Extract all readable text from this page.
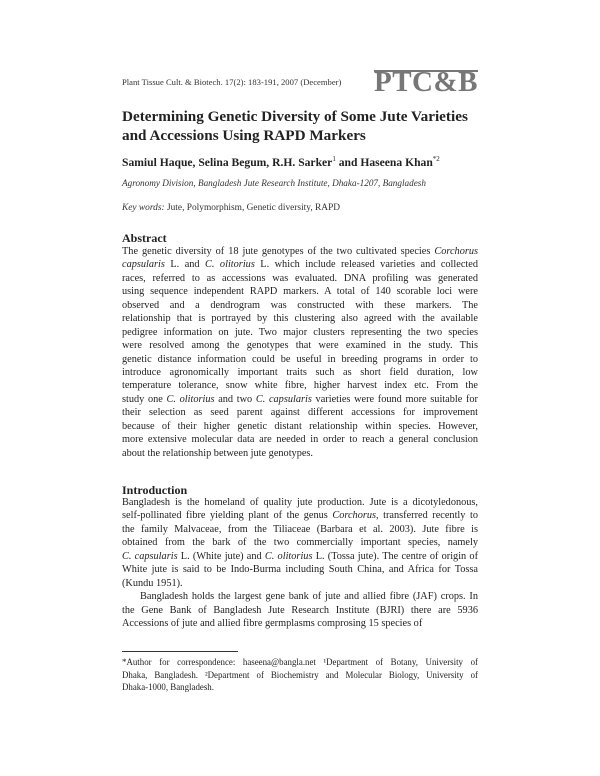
Plant Tissue Cult. & Biotech. 17(2): 183-191, 2007 (December)	PTC&B
Determining Genetic Diversity of Some Jute Varieties
and Accessions Using RAPD Markers
Samiul Haque, Selina Begum, R.H. Sarker$^1$ and Haseena Khan$^{*2}$
Agronomy Division, Bangladesh Jute Research Institute, Dhaka-1207, Bangladesh
Key words: Jute, Polymorphism, Genetic diversity, RAPD
Abstract
The genetic diversity of 18 jute genotypes of the two cultivated species Corchorus
capsularis L. and C. olitorius L. which include released varieties and collected
races, referred to as accessions was evaluated. DNA profiling was generated
using sequence independent RAPD markers. A total of 140 scorable loci were
observed and a dendrogram was constructed with these markers. The
relationship that is portrayed by this clustering also agreed with the available
pedigree information on jute. Two major clusters representing the two species
were resolved among the genotypes that were examined in the study. This
genetic distance information could be useful in breeding programs in order to
introduce agronomically important traits such as short field duration, low
temperature tolerance, snow white fibre, higher harvest index etc. From the
study one C. olitorius and two C. capsularis varieties were found more suitable for
their selection as seed parent against different accessions for improvement
because of their higher genetic distant relationship within species. However,
more extensive molecular data are needed in order to reach a general conclusion
about the relationship between jute genotypes.
Introduction
Bangladesh is the homeland of quality jute production. Jute is a dicotyledonous,
self-pollinated fibre yielding plant of the genus Corchorus, transferred recently to
the family Malvaceae, from the Tiliaceae (Barbara et al. 2003). Jute fibre is
obtained from the bark of the two commercially important species, namely
C. capsularis L. (White jute) and C. olitorius L. (Tossa jute). The centre of origin of
White jute is said to be Indo-Burma including South China, and Africa for Tossa
(Kundu 1951).
Bangladesh holds the largest gene bank of jute and allied fibre (JAF) crops. In
the Gene Bank of Bangladesh Jute Research Institute (BJRI) there are 5936
Accessions of jute and allied fibre germplasms comprosing 15 species of
*Author for correspondence: haseena@bangla.net ¹Department of Botany, University of
Dhaka, Bangladesh. ²Department of Biochemistry and Molecular Biology, University of
Dhaka-1000, Bangladesh.
